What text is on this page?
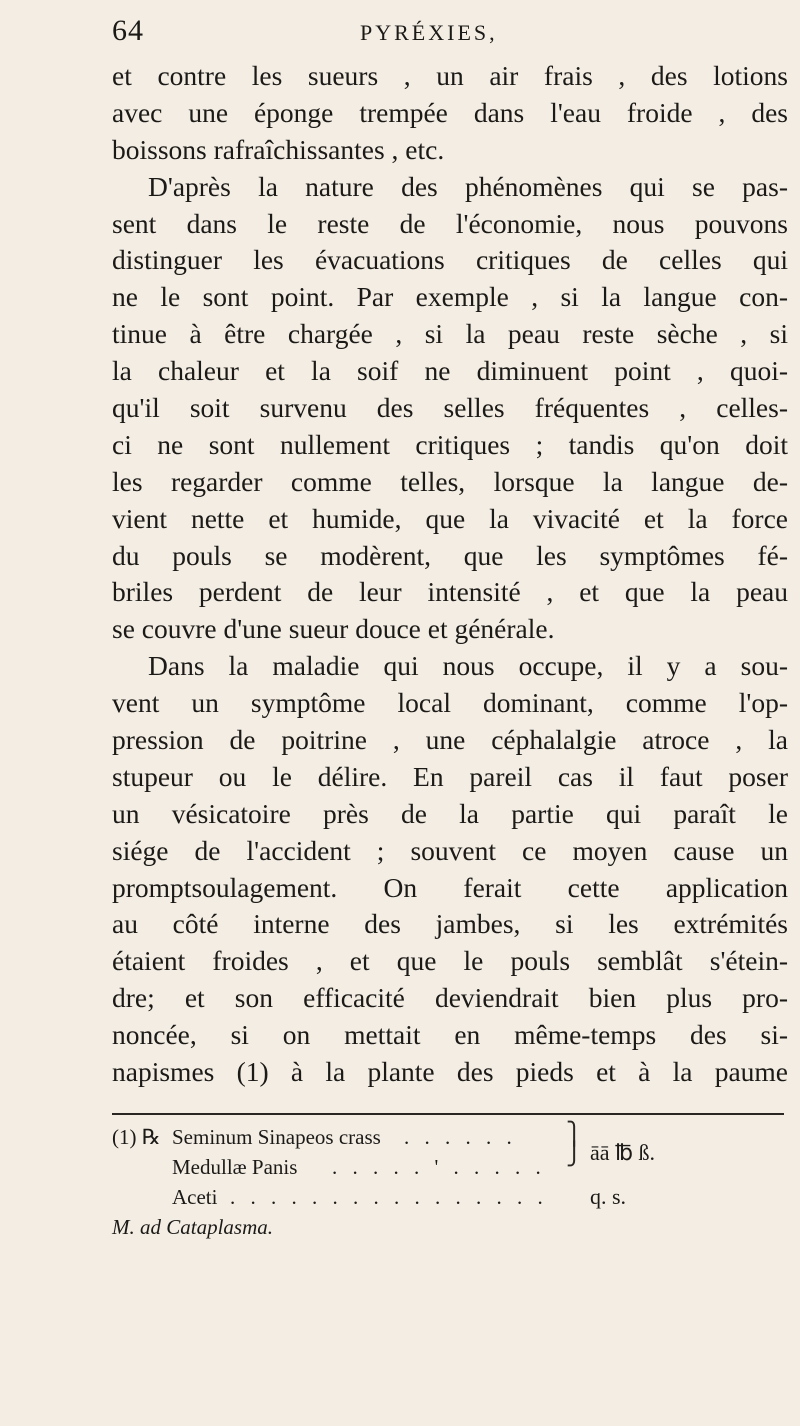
64	PYRÉXIES,
et contre les sueurs , un air frais , des lotions
avec une éponge trempée dans l'eau froide , des
boissons rafraîchissantes , etc.
D'après la nature des phénomènes qui se pas-
sent dans le reste de l'économie, nous pouvons
distinguer les évacuations critiques de celles qui
ne le sont point. Par exemple , si la langue con-
tinue à être chargée , si la peau reste sèche , si
la chaleur et la soif ne diminuent point , quoi-
qu'il soit survenu des selles fréquentes , celles-
ci ne sont nullement critiques ; tandis qu'on doit
les regarder comme telles, lorsque la langue de-
vient nette et humide, que la vivacité et la force
du pouls se modèrent, que les symptômes fé-
briles perdent de leur intensité , et que la peau
se couvre d'une sueur douce et générale.
Dans la maladie qui nous occupe, il y a sou-
vent un symptôme local dominant, comme l'op-
pression de poitrine , une céphalalgie atroce , la
stupeur ou le délire. En pareil cas il faut poser
un vésicatoire près de la partie qui paraît le
siége de l'accident ; souvent ce moyen cause un
promptsoulagement. On ferait cette application
au côté interne des jambes, si les extrémités
étaient froides , et que le pouls semblât s'étein-
dre; et son efficacité deviendrait bien plus pro-
noncée, si on mettait en même-temps des si-
napismes (1) à la plante des pieds et à la paume
(1) ℞ Seminum Sinapeos crass . . . . . . ⎫
⎭ āā ℔ ß.
Medullæ Panis . . . . . ' . . . . .
Aceti . . . . . . . . . . . . . . . . q. s.
M. ad Cataplasma.
